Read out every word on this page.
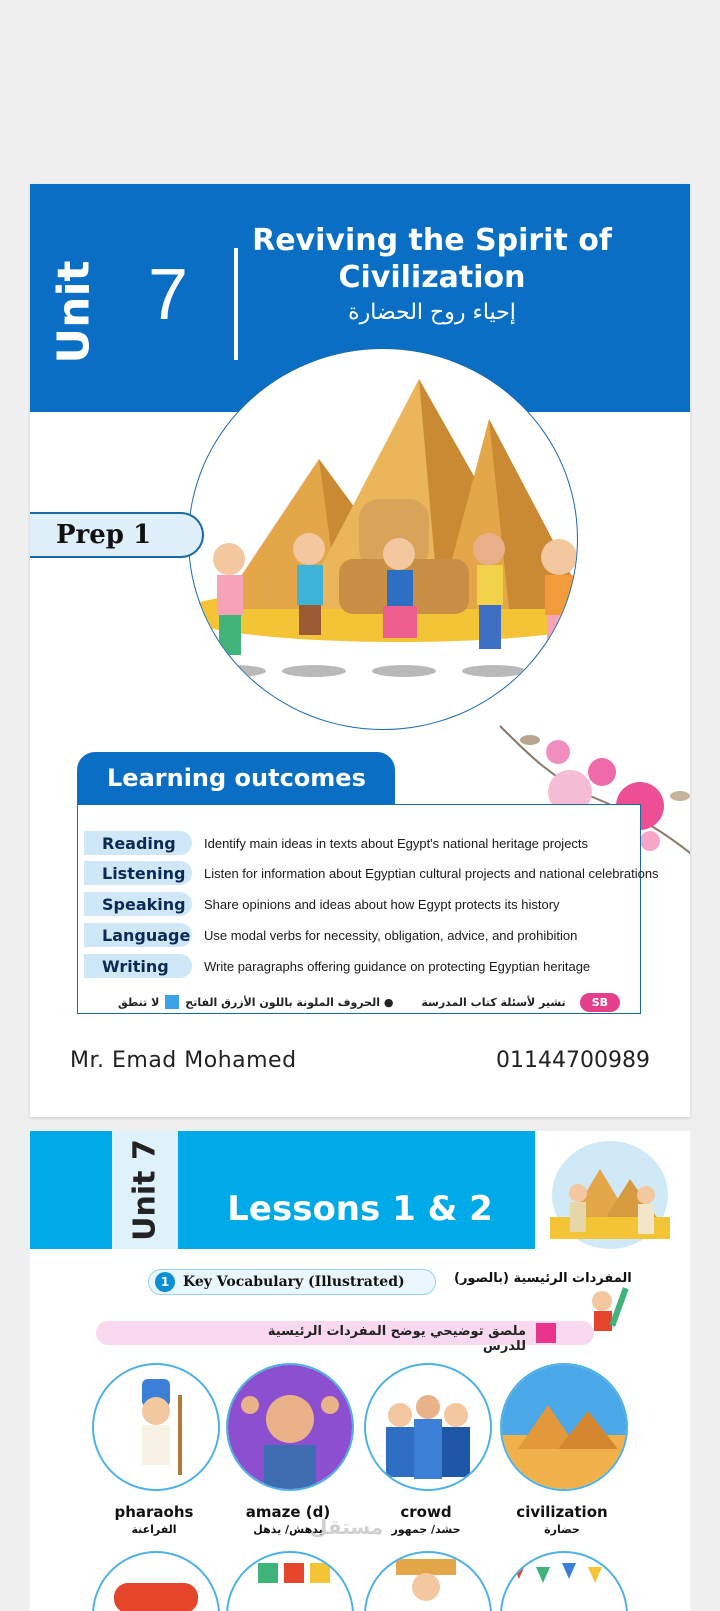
Unit 7
Reviving the Spirit of Civilization
إحياء روح الحضارة
Prep 1
Learning outcomes
Reading	Identify main ideas in texts about Egypt's national heritage projects
Listening	Listen for information about Egyptian cultural projects and national celebrations
Speaking	Share opinions and ideas about how Egypt protects its history
Language Use modal verbs for necessity, obligation, advice, and prohibition
Writing	Write paragraphs offering guidance on protecting Egyptian heritage
● الحروف الملونة باللون الأزرق الفاتح
لا تنطق	تشير لأسئلة كتاب المدرسة	SB
Mr. Emad Mohamed	01144700989
Unit 7	Lessons 1 & 2
1 Key Vocabulary (Illustrated)	المفردات الرئيسية (بالصور)
ملصق توضيحي يوضح المفردات الرئيسية للدرس
pharaohs
الفراعنة
amaze (d)
يدهش/ يذهل
crowd
حشد/ جمهور
civilization
حضارة
مستقل
